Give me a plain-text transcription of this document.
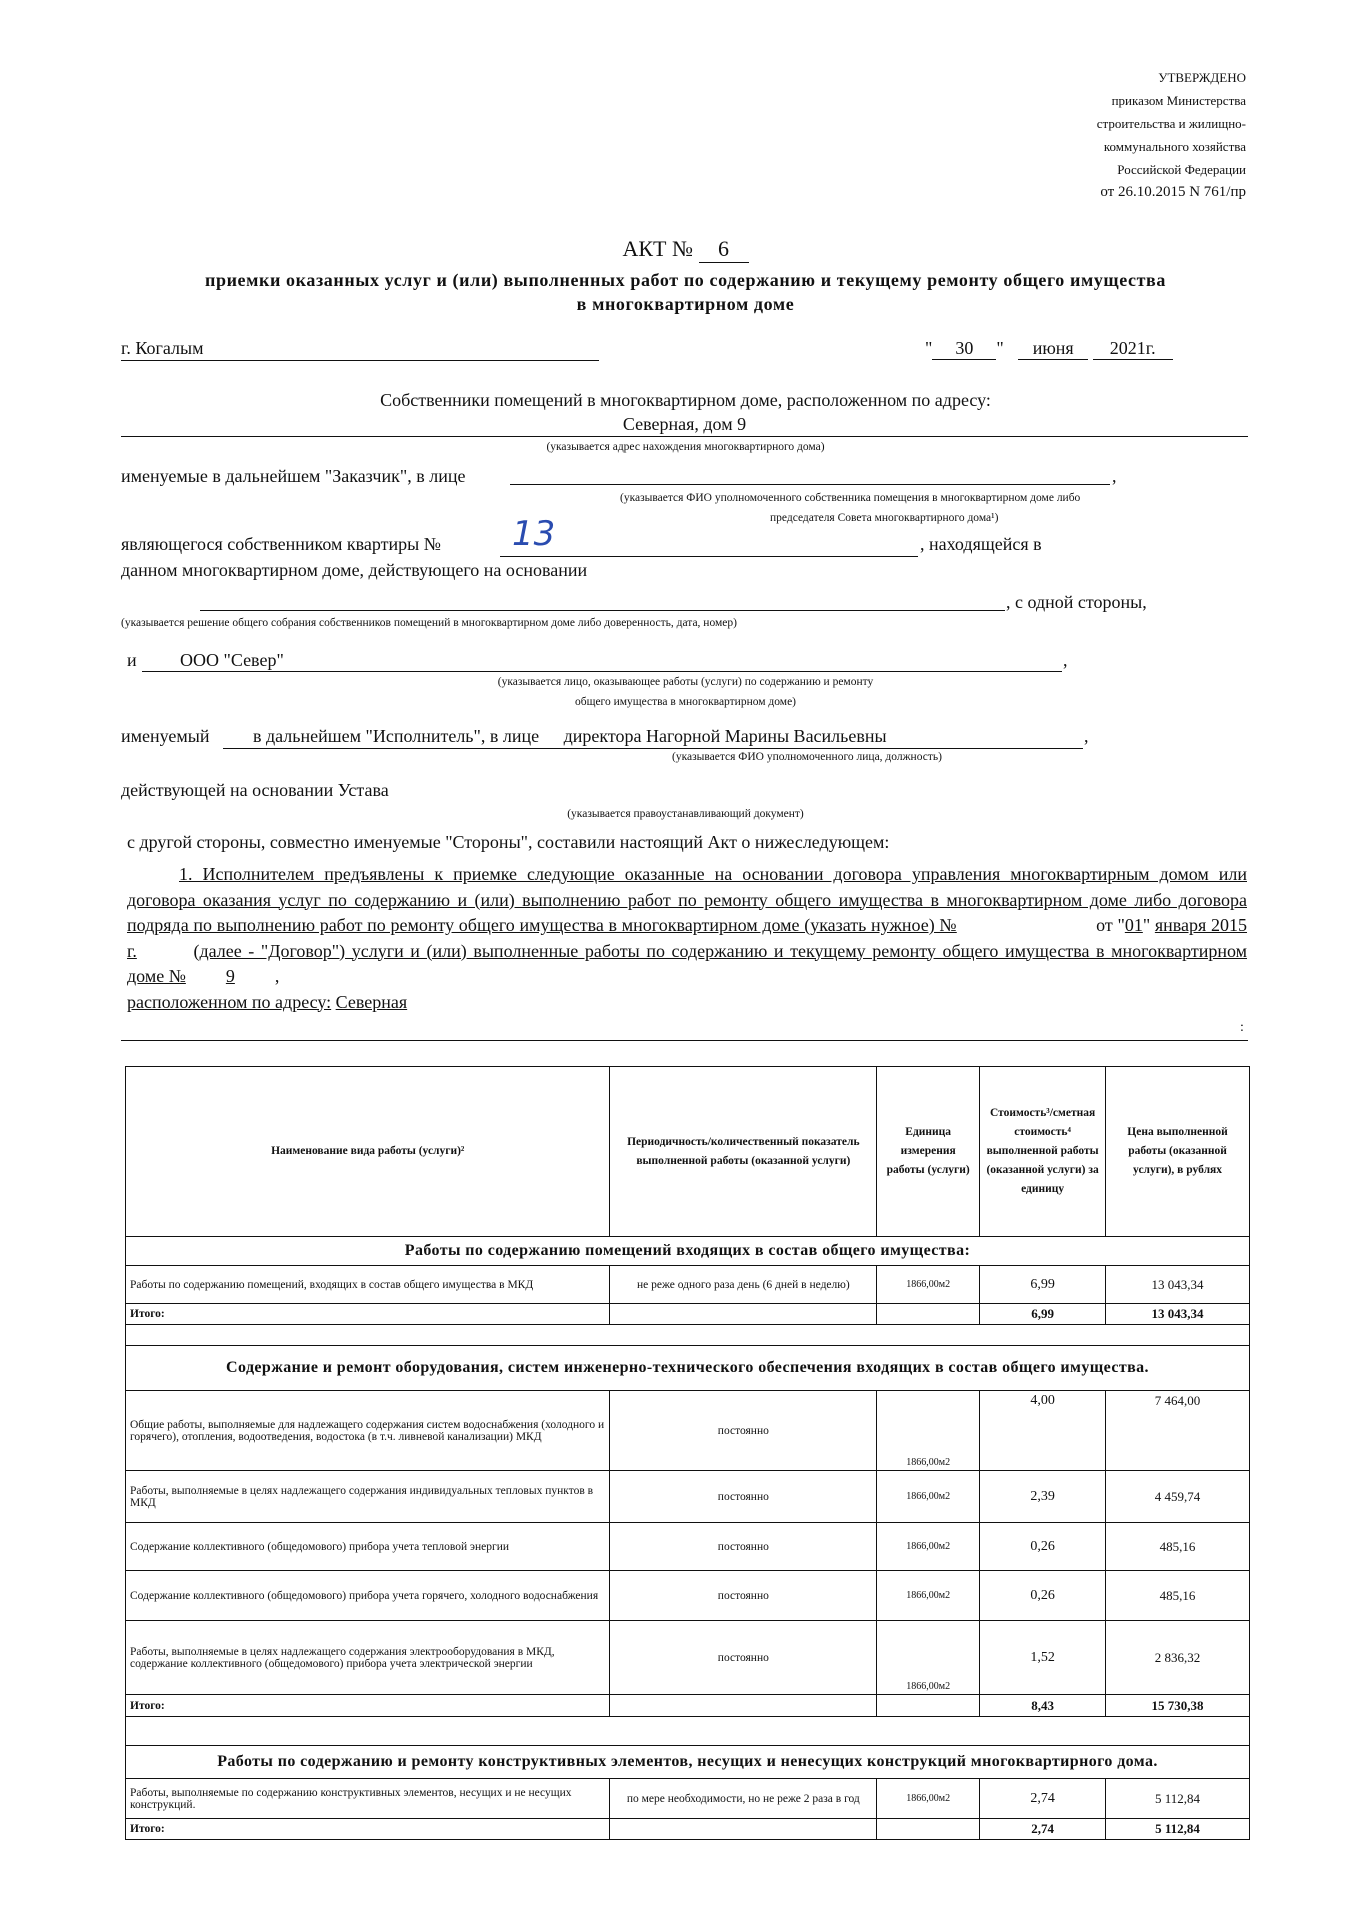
УТВЕРЖДЕНО
приказом Министерства
строительства и жилищно-
коммунального хозяйства
Российской Федерации
от 26.10.2015 N 761/пр
АКТ № 6
приемки оказанных услуг и (или) выполненных работ по содержанию и текущему ремонту общего имущества
в многоквартирном доме
г. Когалым	" 30 " июня 2021г.
Собственники помещений в многоквартирном доме, расположенном по адресу:
Северная, дом 9
(указывается адрес нахождения многоквартирного дома)
именуемые в дальнейшем "Заказчик", в лице	,
(указывается ФИО уполномоченного собственника помещения в многоквартирном доме либо
председателя Совета многоквартирного дома¹)
являющегося собственником квартиры № 13	, находящейся в
данном многоквартирном доме, действующего на основании
, с одной стороны,
(указывается решение общего собрания собственников помещений в многоквартирном доме либо доверенность, дата, номер)
и	ООО "Север"	,
(указывается лицо, оказывающее работы (услуги) по содержанию и ремонту
общего имущества в многоквартирном доме)
именуемый	в дальнейшем "Исполнитель", в лице директора Нагорной Марины Васильевны	,
(указывается ФИО уполномоченного лица, должность)
действующей на основании Устава
(указывается правоустанавливающий документ)
с другой стороны, совместно именуемые "Стороны", составили настоящий Акт о нижеследующем:
1. Исполнителем предъявлены к приемке следующие оказанные на основании договора управления многоквартирным домом или договора оказания услуг по содержанию и (или) выполнению работ по ремонту общего имущества в многоквартирном доме либо договора подряда по выполнению работ по ремонту общего имущества в многоквартирном доме (указать нужное) №	от "01" января 2015 г.	(далее - "Договор") услуги и (или) выполненные работы по содержанию и текущему ремонту общего имущества в многоквартирном доме № 9 ,
расположенном по адресу: Северная
:
Наименование вида работы (услуги)²	Периодичность/количественный показатель выполненной работы (оказанной услуги)	Единица измерения работы (услуги)	Стоимость³/сметная стоимость⁴ выполненной работы (оказанной услуги) за единицу	Цена выполненной работы (оказанной услуги), в рублях
Работы по содержанию помещений входящих в состав общего имущества:				
Работы по содержанию помещений, входящих в состав общего имущества в МКД	не реже одного раза день (6 дней в неделю)	1866,00м2	6,99	13 043,34
Итого:			6,99	13 043,34

Содержание и ремонт оборудования, систем инженерно-технического обеспечения входящих в состав общего имущества.				
Общие работы, выполняемые для надлежащего содержания систем водоснабжения (холодного и горячего), отопления, водоотведения, водостока (в т.ч. ливневой канализации) МКД	постоянно	1866,00м2	4,00	7 464,00
Работы, выполняемые в целях надлежащего содержания индивидуальных тепловых пунктов в МКД	постоянно	1866,00м2	2,39	4 459,74
Содержание коллективного (общедомового) прибора учета тепловой энергии	постоянно	1866,00м2	0,26	485,16
Содержание коллективного (общедомового) прибора учета горячего, холодного водоснабжения	постоянно	1866,00м2	0,26	485,16
Работы, выполняемые в целях надлежащего содержания электрооборудования в МКД, содержание коллективного (общедомового) прибора учета электрической энергии	постоянно	1866,00м2	1,52	2 836,32
Итого:			8,43	15 730,38

Работы по содержанию и ремонту конструктивных элементов, несущих и ненесущих конструкций многоквартирного дома.				
Работы, выполняемые по содержанию конструктивных элементов, несущих и не несущих конструкций.	по мере необходимости, но не реже 2 раза в год	1866,00м2	2,74	5 112,84
Итого:			2,74	5 112,84
